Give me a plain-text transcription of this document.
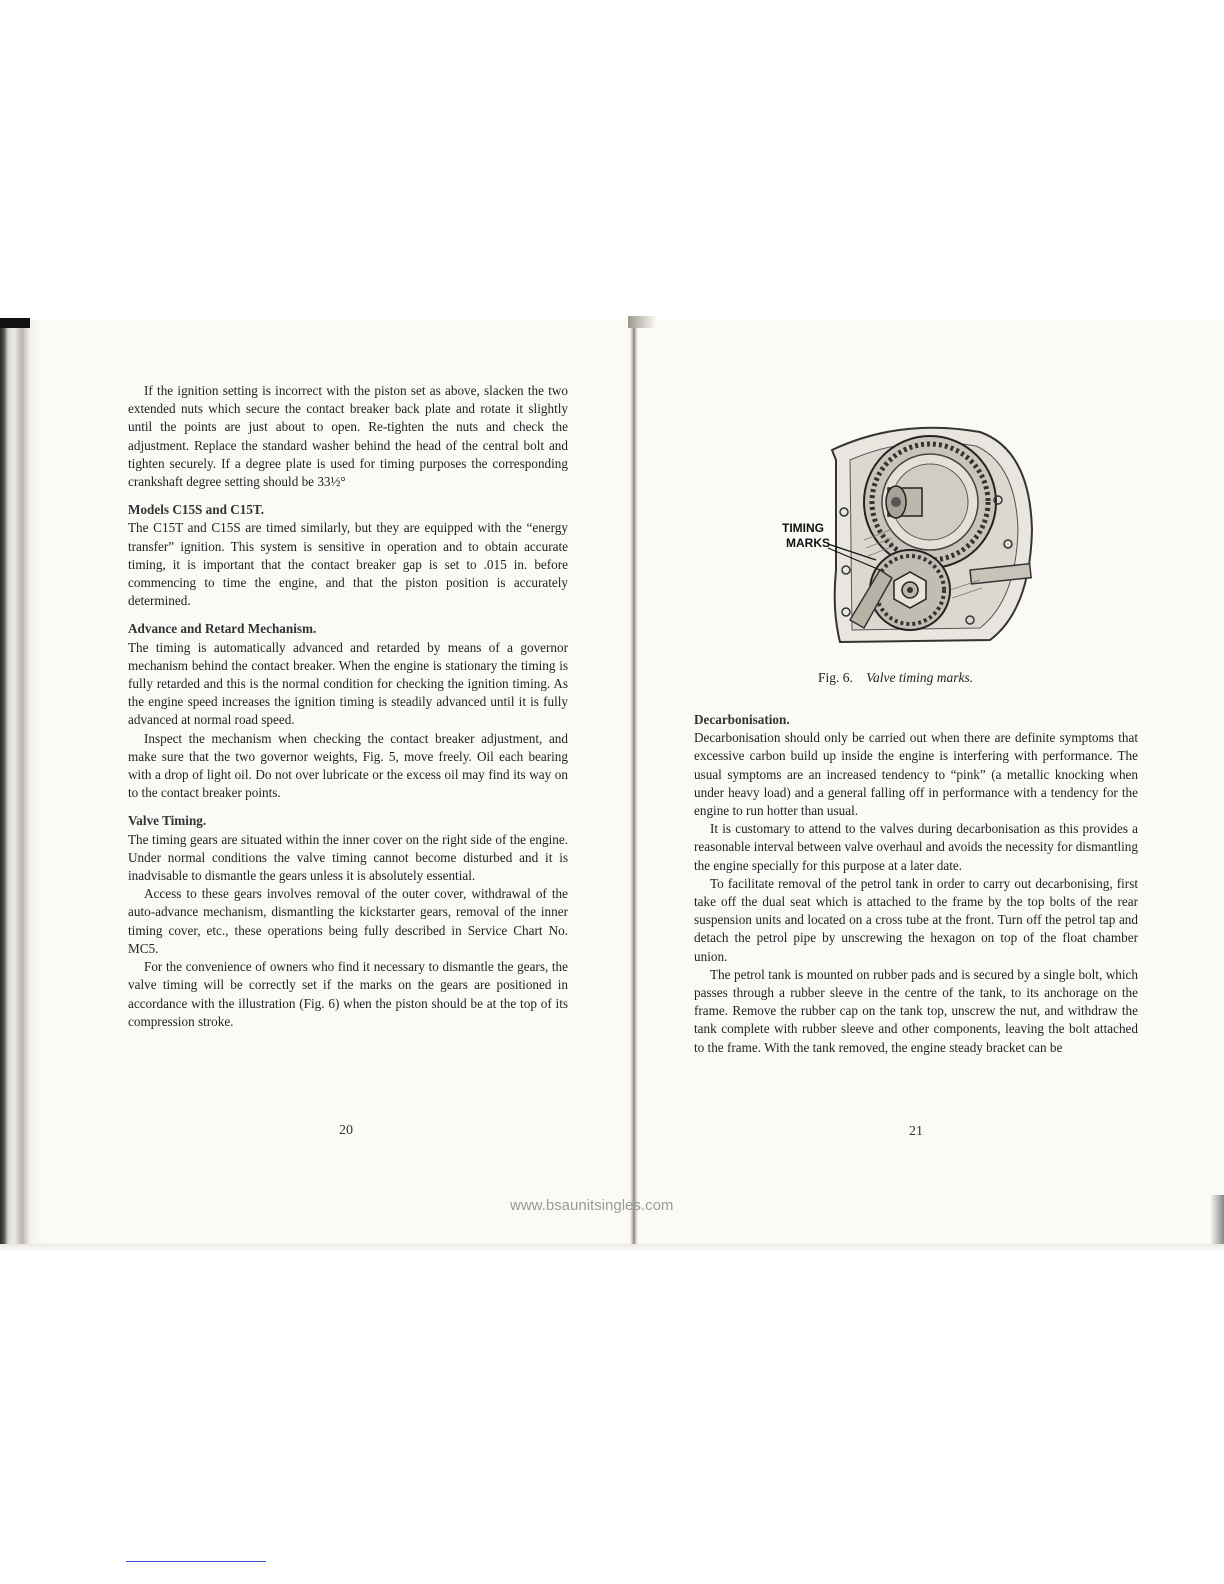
If the ignition setting is incorrect with the piston set as above, slacken the two extended nuts which secure the contact breaker back plate and rotate it slightly until the points are just about to open. Re-tighten the nuts and check the adjustment. Replace the standard washer behind the head of the central bolt and tighten securely. If a degree plate is used for timing purposes the corresponding crankshaft degree setting should be 33½°

Models C15S and C15T.

The C15T and C15S are timed similarly, but they are equipped with the “energy transfer” ignition. This system is sensitive in operation and to obtain accurate timing, it is important that the contact breaker gap is set to .015 in. before commencing to time the engine, and that the piston position is accurately determined.

Advance and Retard Mechanism.

The timing is automatically advanced and retarded by means of a governor mechanism behind the contact breaker. When the engine is stationary the timing is fully retarded and this is the normal condition for checking the ignition timing. As the engine speed increases the ignition timing is steadily advanced until it is fully advanced at normal road speed.

Inspect the mechanism when checking the contact breaker adjustment, and make sure that the two governor weights, Fig. 5, move freely. Oil each bearing with a drop of light oil. Do not over lubricate or the excess oil may find its way on to the contact breaker points.

Valve Timing.

The timing gears are situated within the inner cover on the right side of the engine. Under normal conditions the valve timing cannot become disturbed and it is inadvisable to dismantle the gears unless it is absolutely essential.

Access to these gears involves removal of the outer cover, withdrawal of the auto-advance mechanism, dismantling the kickstarter gears, removal of the inner timing cover, etc., these operations being fully described in Service Chart No. MC5.

For the convenience of owners who find it necessary to dismantle the gears, the valve timing will be correctly set if the marks on the gears are positioned in accordance with the illustration (Fig. 6) when the piston should be at the top of its compression stroke.

20
TIMING
MARKS
Fig. 6. Valve timing marks.
Decarbonisation.

Decarbonisation should only be carried out when there are definite symptoms that excessive carbon build up inside the engine is interfering with performance. The usual symptoms are an increased tendency to “pink” (a metallic knocking when under heavy load) and a general falling off in performance with a tendency for the engine to run hotter than usual.

It is customary to attend to the valves during decarbonisation as this provides a reasonable interval between valve overhaul and avoids the necessity for dismantling the engine specially for this purpose at a later date.

To facilitate removal of the petrol tank in order to carry out decarbonising, first take off the dual seat which is attached to the frame by the top bolts of the rear suspension units and located on a cross tube at the front. Turn off the petrol tap and detach the petrol pipe by unscrewing the hexagon on top of the float chamber union.

The petrol tank is mounted on rubber pads and is secured by a single bolt, which passes through a rubber sleeve in the centre of the tank, to its anchorage on the frame. Remove the rubber cap on the tank top, unscrew the nut, and withdraw the tank complete with rubber sleeve and other components, leaving the bolt attached to the frame. With the tank removed, the engine steady bracket can be

21
www.bsaunitsingles.com
